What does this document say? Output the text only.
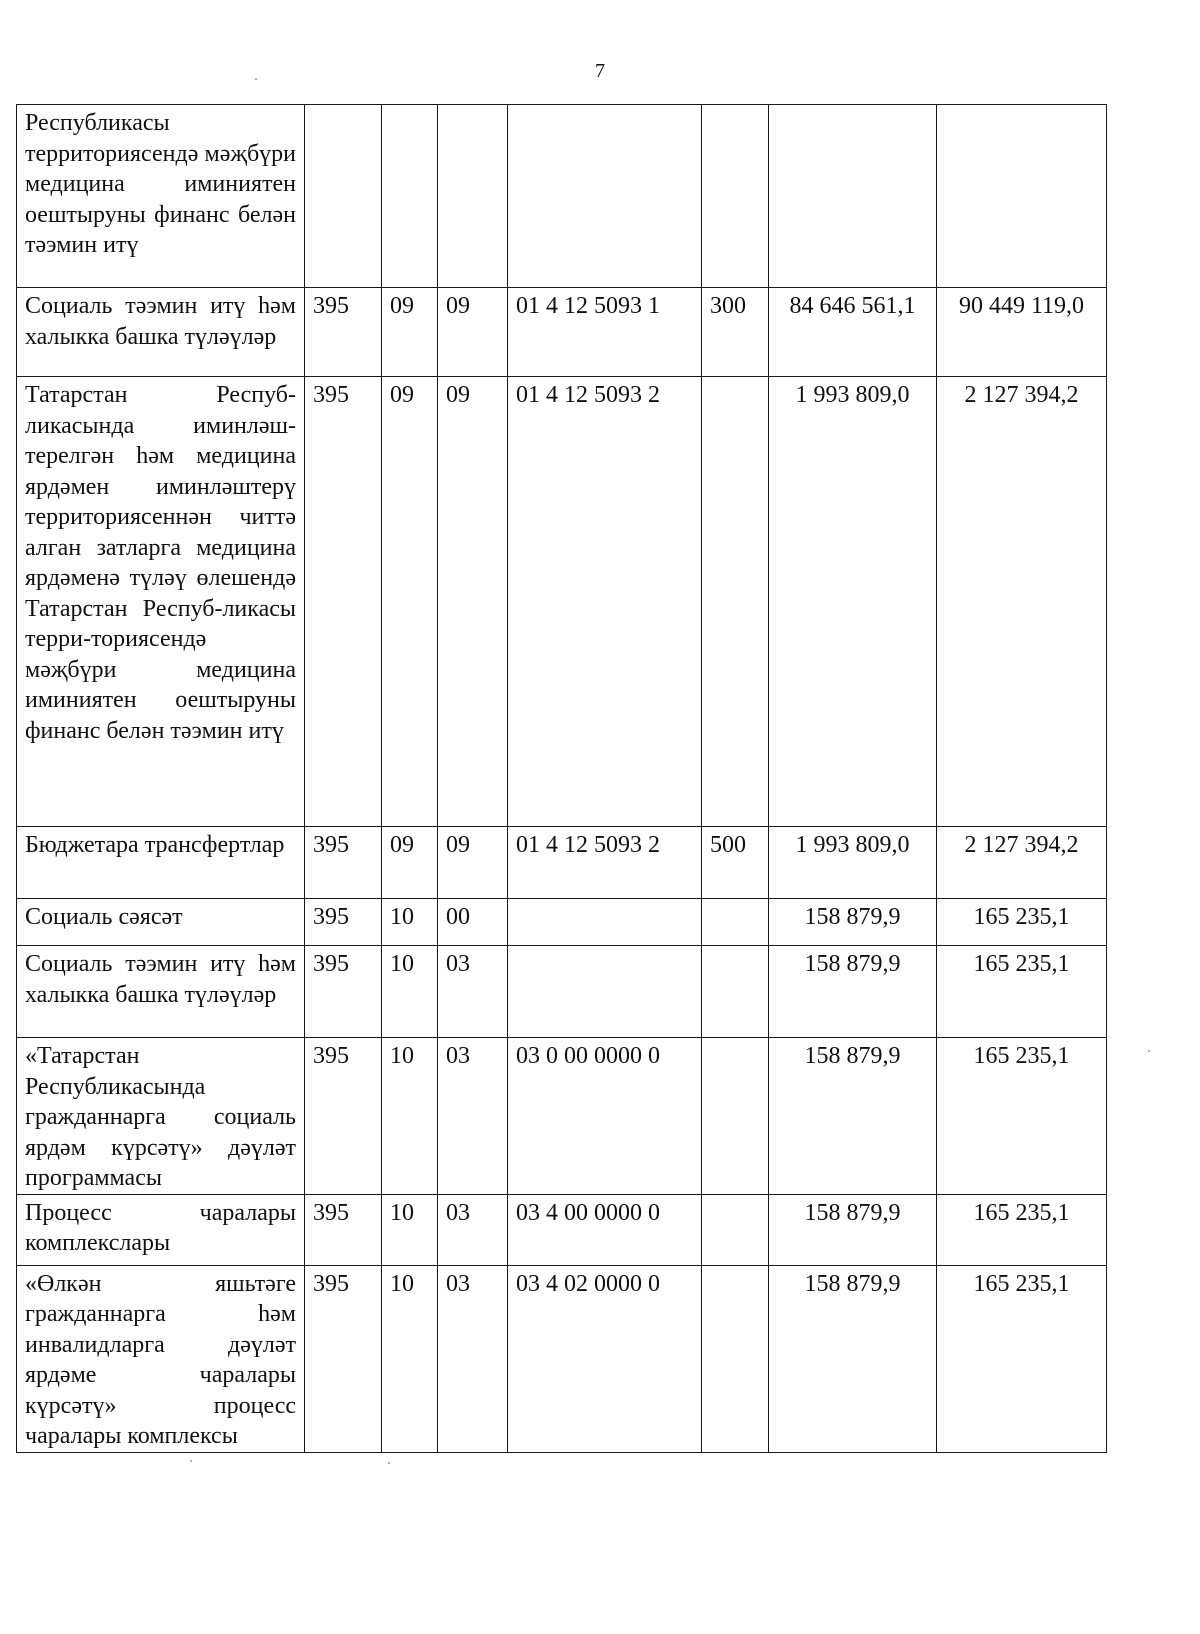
7
Республикасы территориясендә мәҗбүри медицина иминиятен оештыруны финанс белән тәэмин итү							
Социаль тәэмин итү һәм халыкка башка түләүләр	395	09	09	01 4 12 5093 1	300	84 646 561,1	90 449 119,0
Татарстан Респуб-ликасында иминләш-терелгән һәм медицина ярдәмен иминләштерү территориясеннән читтә алган затларга медицина ярдәменә түләү өлешендә Татарстан Респуб-ликасы терри-ториясендә мәҗбүри медицина иминиятен оештыруны финанс белән тәэмин итү	395	09	09	01 4 12 5093 2		1 993 809,0	2 127 394,2
Бюджетара трансфертлар	395	09	09	01 4 12 5093 2	500	1 993 809,0	2 127 394,2
Социаль сәясәт	395	10	00			158 879,9	165 235,1
Социаль тәэмин итү һәм халыкка башка түләүләр	395	10	03			158 879,9	165 235,1
«Татарстан Республикасында гражданнарга социаль ярдәм күрсәтү» дәүләт программасы	395	10	03	03 0 00 0000 0		158 879,9	165 235,1
Процесс чаралары комплекслары	395	10	03	03 4 00 0000 0		158 879,9	165 235,1
«Өлкән яшьтәге гражданнарга һәм инвалидларга дәүләт ярдәме чаралары күрсәтү» процесс чаралары комплексы	395	10	03	03 4 02 0000 0		158 879,9	165 235,1
